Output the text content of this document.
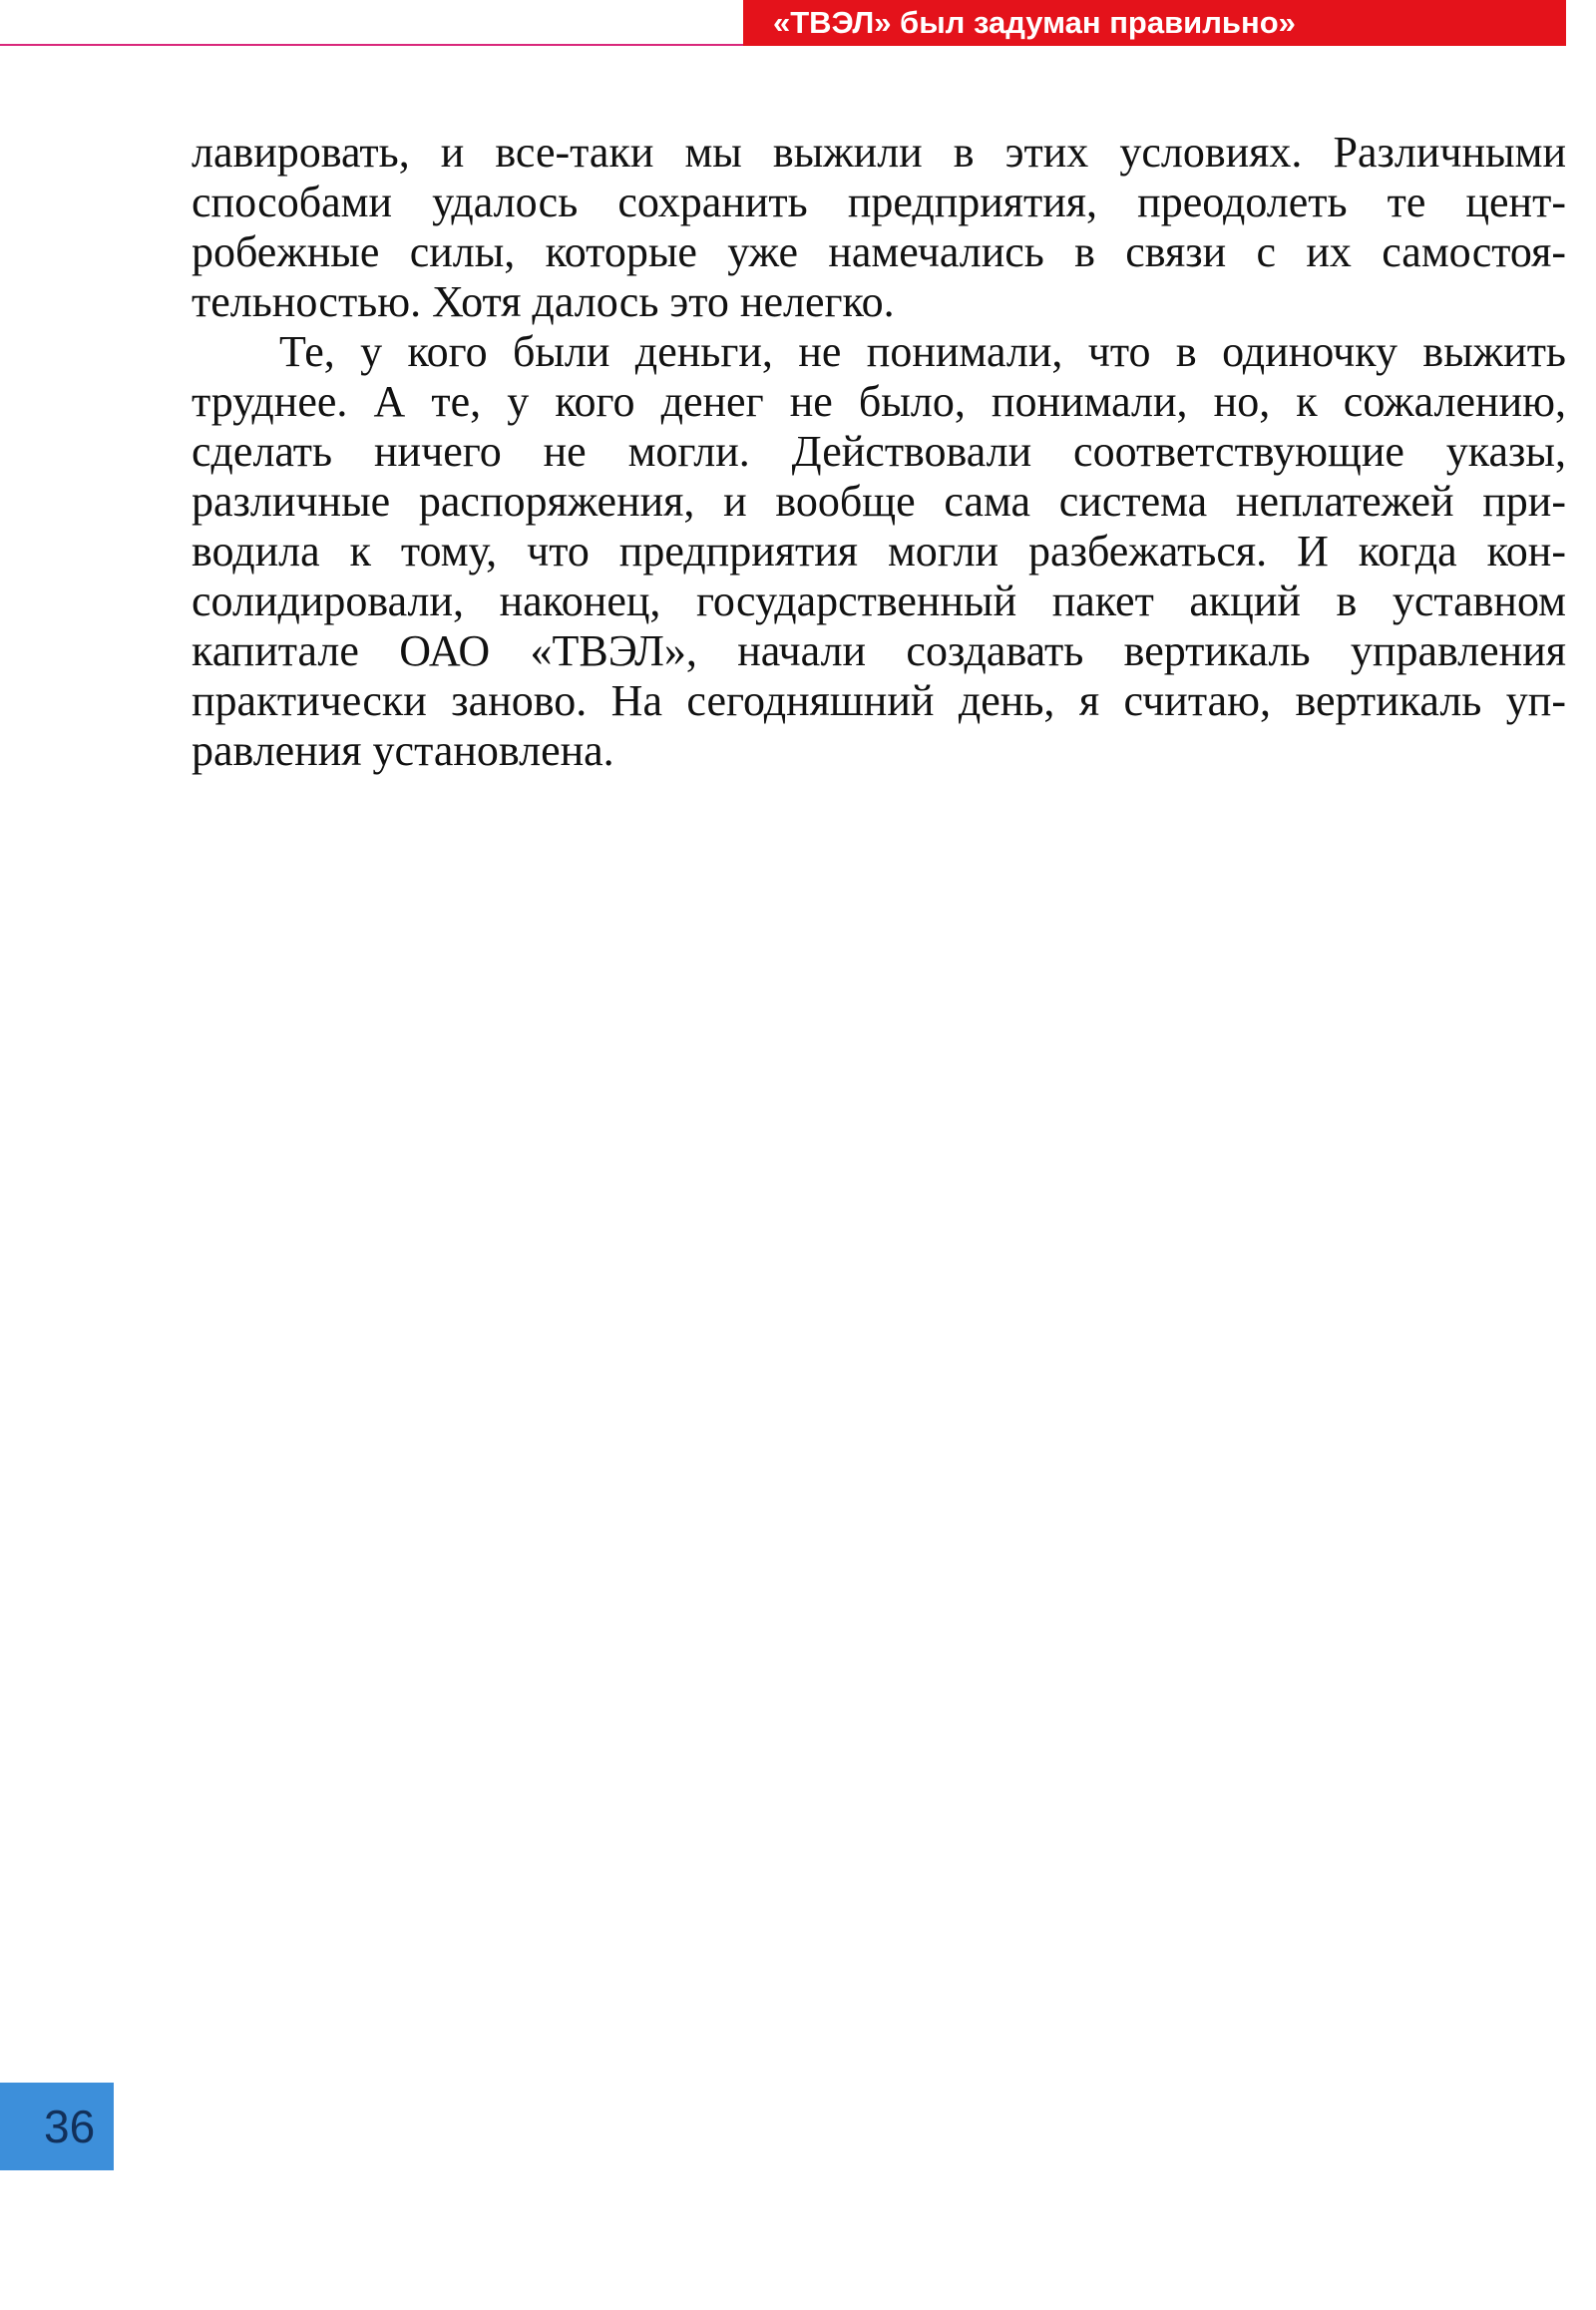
«ТВЭЛ» был задуман правильно»
лавировать, и все-таки мы выжили в этих условиях. Различными
способами удалось сохранить предприятия, преодолеть те цент-
робежные силы, которые уже намечались в связи с их самостоя-
тельностью. Хотя далось это нелегко.
Те, у кого были деньги, не понимали, что в одиночку выжить
труднее. А те, у кого денег не было, понимали, но, к сожалению,
сделать ничего не могли. Действовали соответствующие указы,
различные распоряжения, и вообще сама система неплатежей при-
водила к тому, что предприятия могли разбежаться. И когда кон-
солидировали, наконец, государственный пакет акций в уставном
капитале ОАО «ТВЭЛ», начали создавать вертикаль управления
практически заново. На сегодняшний день, я считаю, вертикаль уп-
равления установлена.
36
